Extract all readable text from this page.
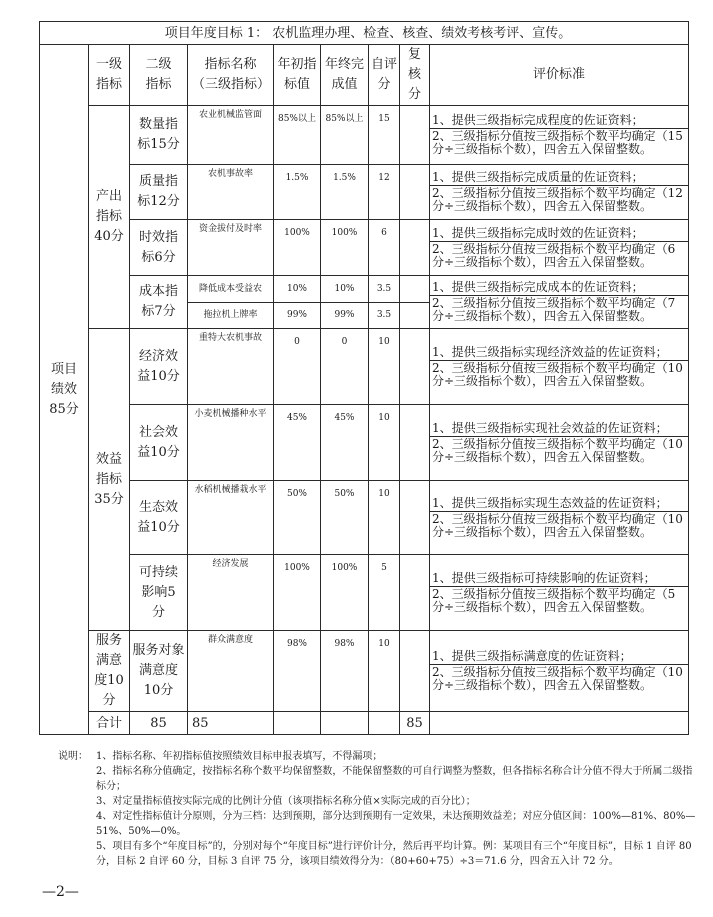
项目年度目标 1： 农机监理办理、检查、核查、绩效考核考评、宣传。									
项目绩效85分	一级指标	二级指标	指标名称（三级指标）	年初指标值	年终完成值	自评分	复核分	评价标准	
	产出指标40分	数量指标15分	农业机械监管面	85%以上	85%以上	15		1、提供三级指标完成程度的佐证资料；

2、三级指标分值按三级指标个数平均确定（15 分÷三级指标个数），四舍五入保留整数。	

		质量指标12分	农机事故率	1.5%	1.5%	12		1、提供三级指标完成质量的佐证资料；

2、三级指标分值按三级指标个数平均确定（12 分÷三级指标个数），四舍五入保留整数。	

		时效指标6分	资金拔付及时率	100%	100%	6		1、提供三级指标完成时效的佐证资料；

2、三级指标分值按三级指标个数平均确定（6 分÷三级指标个数），四舍五入保留整数。	

		成本指标7分	降低成本受益农	10%	10%	3.5		1、提供三级指标完成成本的佐证资料；

2、三级指标分值按三级指标个数平均确定（7 分÷三级指标个数），四舍五入保留整数。	

			拖拉机上牌率	99%	99%	3.5			
	效益指标35分	经济效益10分	重特大农机事故	0	0	10		1、提供三级指标实现经济效益的佐证资料；

2、三级指标分值按三级指标个数平均确定（10 分÷三级指标个数），四舍五入保留整数。	

		社会效益10分	小麦机械播种水平	45%	45%	10		1、提供三级指标实现社会效益的佐证资料；

2、三级指标分值按三级指标个数平均确定（10 分÷三级指标个数），四舍五入保留整数。	

		生态效益10分	水稻机械播栽水平	50%	50%	10		1、提供三级指标实现生态效益的佐证资料；

2、三级指标分值按三级指标个数平均确定（10 分÷三级指标个数），四舍五入保留整数。	

		可持续影响5分	经济发展	100%	100%	5		1、提供三级指标可持续影响的佐证资料；

2、三级指标分值按三级指标个数平均确定（5 分÷三级指标个数），四舍五入保留整数。	

	服务满意度10分	服务对象满意度10分	群众满意度	98%	98%	10		1、提供三级指标满意度的佐证资料；

2、三级指标分值按三级指标个数平均确定（10 分÷三级指标个数），四舍五入保留整数。	

	合计	85	85				85		
说明： 1、指标名称、年初指标值按照绩效目标申报表填写，不得漏项；
2、指标名称分值确定，按指标名称个数平均保留整数，不能保留整数的可自行调整为整数，但各指标名称合计分值不得大于所属二级指标分；
3、对定量指标值按实际完成的比例计分值（该项指标名称分值×实际完成的百分比）；
4、对定性指标值计分原则，分为三档：达到预期，部分达到预期有一定效果，未达预期效益差；对应分值区间：100%—81%、80%—51%、50%—0%。
5、项目有多个“年度目标”的，分别对每个“年度目标”进行评价计分，然后再平均计算。例：某项目有三个“年度目标”，目标 1 自评 80 分，目标 2 自评 60 分，目标 3 自评 75 分，该项目绩效得分为：（80+60+75）÷3＝71.6 分，四舍五入计 72 分。
—2—
